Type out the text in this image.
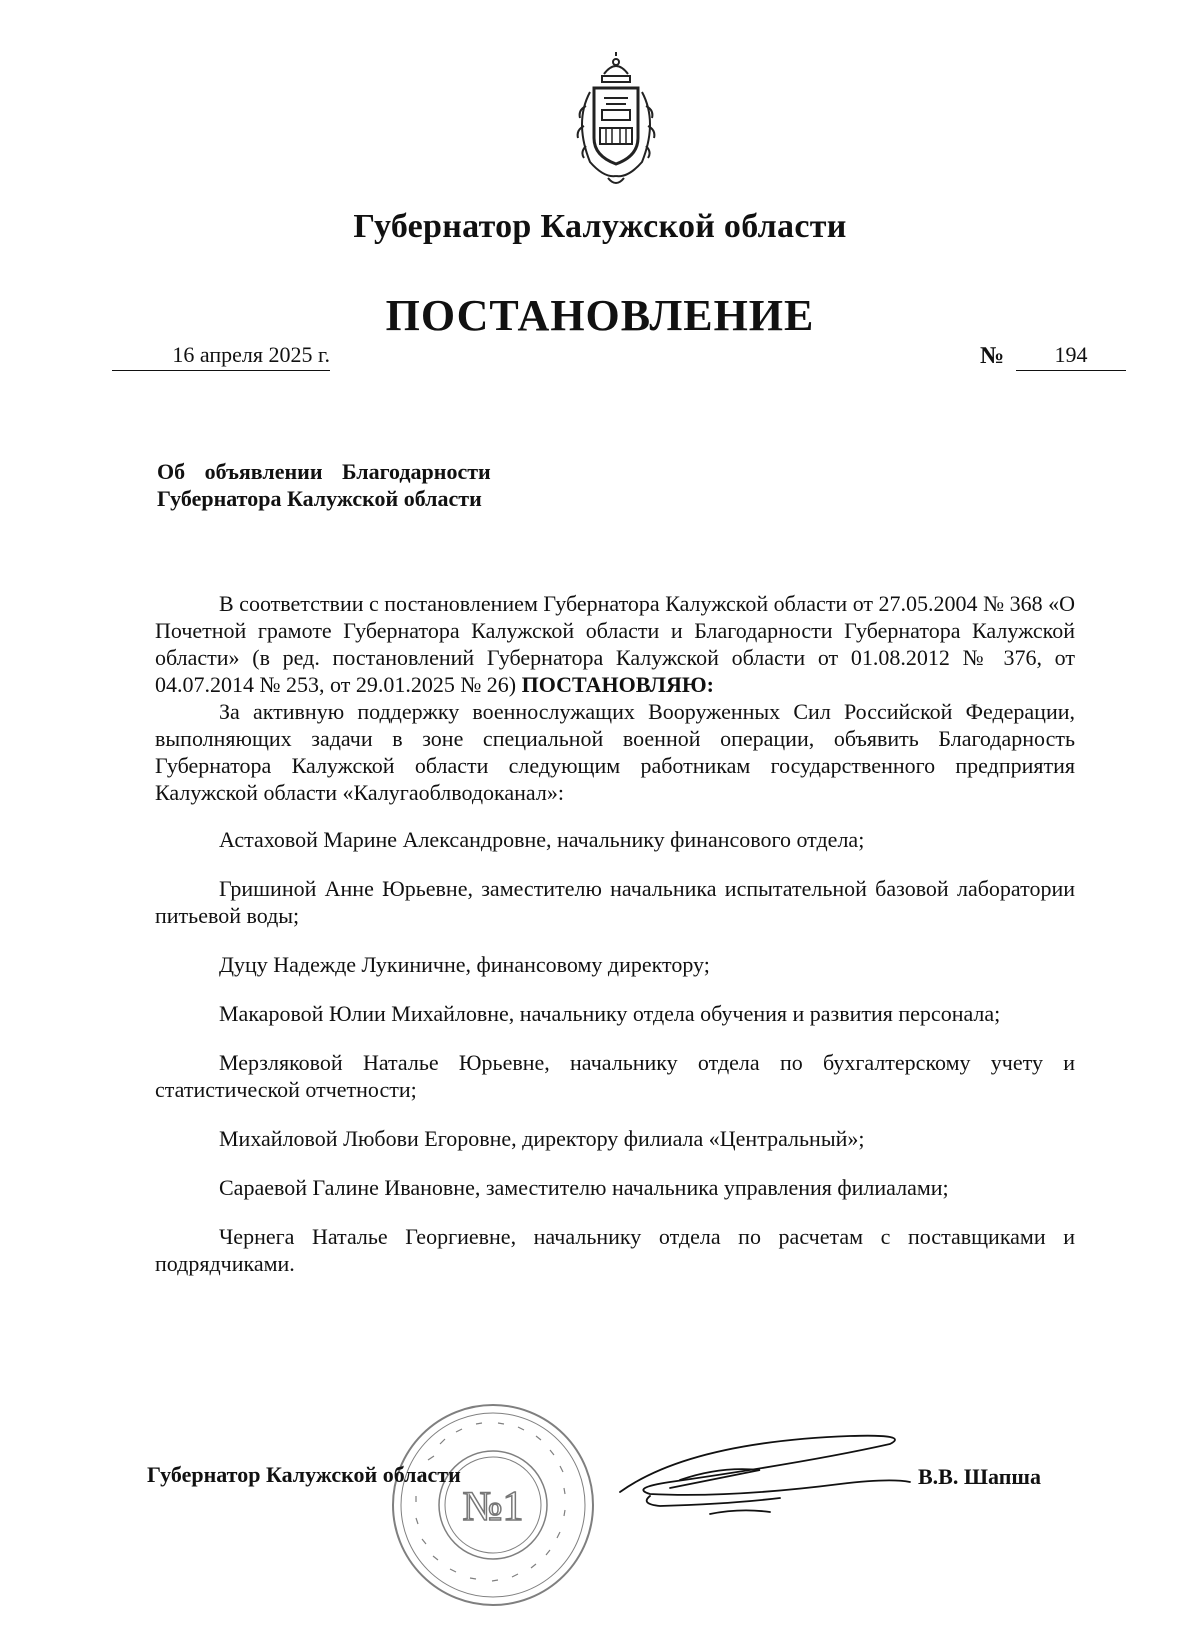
Губернатор Калужской области
ПОСТАНОВЛЕНИЕ
16 апреля 2025 г.	№	194
Об объявлении Благодарности
Губернатора Калужской области

В соответствии с постановлением Губернатора Калужской области от 27.05.2004 № 368 «О Почетной грамоте Губернатора Калужской области и Благодарности Губернатора Калужской области» (в ред. постановлений Губернатора Калужской области от 01.08.2012 № 376, от 04.07.2014 № 253, от 29.01.2025 № 26) ПОСТАНОВЛЯЮ:

За активную поддержку военнослужащих Вооруженных Сил Российской Федерации, выполняющих задачи в зоне специальной военной операции, объявить Благодарность Губернатора Калужской области следующим работникам государственного предприятия Калужской области «Калугаоблводоканал»:

Астаховой Марине Александровне, начальнику финансового отдела;

Гришиной Анне Юрьевне, заместителю начальника испытательной базовой лаборатории питьевой воды;

Дуцу Надежде Лукиничне, финансовому директору;

Макаровой Юлии Михайловне, начальнику отдела обучения и развития персонала;

Мерзляковой Наталье Юрьевне, начальнику отдела по бухгалтерскому учету и статистической отчетности;

Михайловой Любови Егоровне, директору филиала «Центральный»;

Сараевой Галине Ивановне, заместителю начальника управления филиалами;

Чернега Наталье Георгиевне, начальнику отдела по расчетам с поставщиками и подрядчиками.

№1
Губернатор Калужской области	В.В. Шапша
